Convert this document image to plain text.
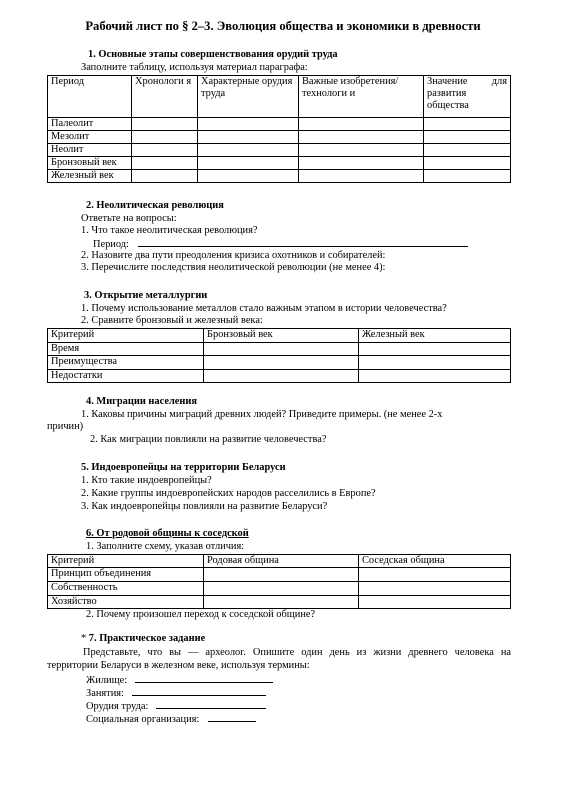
Рабочий лист по § 2–3. Эволюция общества и экономики в древности
1. Основные этапы совершенствования орудий труда
Заполните таблицу, используя материал параграфа:
Период	Хронологи я	Характерные орудия труда	Важные изобретения/технологи и	Значение для развития общества
Палеолит				
Мезолит				
Неолит				
Бронзовый век				
Железный век				
2. Неолитическая революция
Ответьте на вопросы:
1. Что такое неолитическая революция?
Период:
2. Назовите два пути преодоления кризиса охотников и собирателей:
3. Перечислите последствия неолитической революции (не менее 4):
3. Открытие металлургии
1. Почему использование металлов стало важным этапом в истории человечества?
2. Сравните бронзовый и железный века:
Критерий	Бронзовый век	Железный век
Время		
Преимущества		
Недостатки		
4. Миграции населения
1. Каковы причины миграций древних людей? Приведите примеры. (не менее 2-х
причин)
2. Как миграции повлияли на развитие человечества?
5. Индоевропейцы на территории Беларуси
1. Кто такие индоевропейцы?
2. Какие группы индоевропейских народов расселились в Европе?
3. Как индоевропейцы повлияли на развитие Беларуси?
6. От родовой общины к соседской
1. Заполните схему, указав отличия:
Критерий	Родовая община	Соседская община
Принцип объединения		
Собственность		
Хозяйство		
2. Почему произошел переход к соседской общине?
* 7. Практическое задание
Представьте, что вы — археолог. Опишите один день из жизни древнего человека на
территории Беларуси в железном веке, используя термины:
Жилище:
Занятия:
Орудия труда:
Социальная организация:
